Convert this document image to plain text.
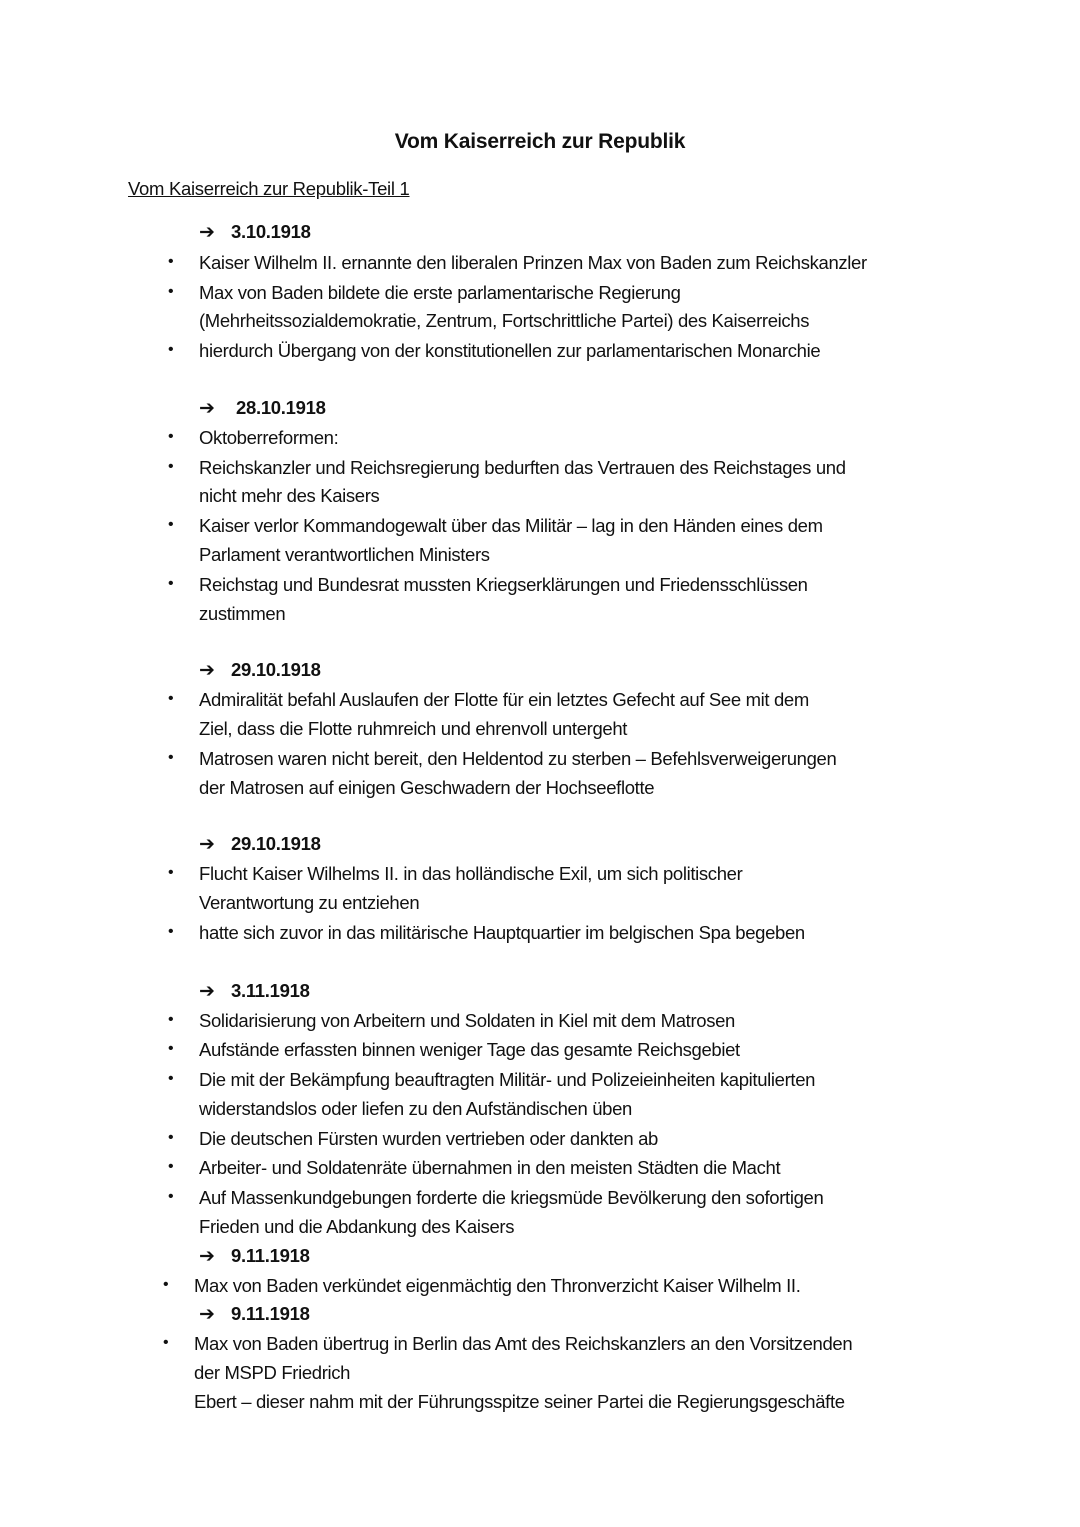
Vom Kaiserreich zur Republik
Vom Kaiserreich zur Republik-Teil 1
➔ 3.10.1918
• Kaiser Wilhelm II. ernannte den liberalen Prinzen Max von Baden zum Reichskanzler
• Max von Baden bildete die erste parlamentarische Regierung
(Mehrheitssozialdemokratie, Zentrum, Fortschrittliche Partei) des Kaiserreichs
• hierdurch Übergang von der konstitutionellen zur parlamentarischen Monarchie
➔ 28.10.1918
• Oktoberreformen:
• Reichskanzler und Reichsregierung bedurften das Vertrauen des Reichstages und
nicht mehr des Kaisers
• Kaiser verlor Kommandogewalt über das Militär – lag in den Händen eines dem
Parlament verantwortlichen Ministers
• Reichstag und Bundesrat mussten Kriegserklärungen und Friedensschlüssen
zustimmen
➔ 29.10.1918
• Admiralität befahl Auslaufen der Flotte für ein letztes Gefecht auf See mit dem
Ziel, dass die Flotte ruhmreich und ehrenvoll untergeht
• Matrosen waren nicht bereit, den Heldentod zu sterben – Befehlsverweigerungen
der Matrosen auf einigen Geschwadern der Hochseeflotte
➔ 29.10.1918
• Flucht Kaiser Wilhelms II. in das holländische Exil, um sich politischer
Verantwortung zu entziehen
• hatte sich zuvor in das militärische Hauptquartier im belgischen Spa begeben
➔ 3.11.1918
• Solidarisierung von Arbeitern und Soldaten in Kiel mit dem Matrosen
• Aufstände erfassten binnen weniger Tage das gesamte Reichsgebiet
• Die mit der Bekämpfung beauftragten Militär- und Polizeieinheiten kapitulierten
widerstandslos oder liefen zu den Aufständischen üben
• Die deutschen Fürsten wurden vertrieben oder dankten ab
• Arbeiter- und Soldatenräte übernahmen in den meisten Städten die Macht
• Auf Massenkundgebungen forderte die kriegsmüde Bevölkerung den sofortigen
Frieden und die Abdankung des Kaisers
➔ 9.11.1918
• Max von Baden verkündet eigenmächtig den Thronverzicht Kaiser Wilhelm II.
➔ 9.11.1918
• Max von Baden übertrug in Berlin das Amt des Reichskanzlers an den Vorsitzenden
der MSPD Friedrich
Ebert – dieser nahm mit der Führungsspitze seiner Partei die Regierungsgeschäfte
